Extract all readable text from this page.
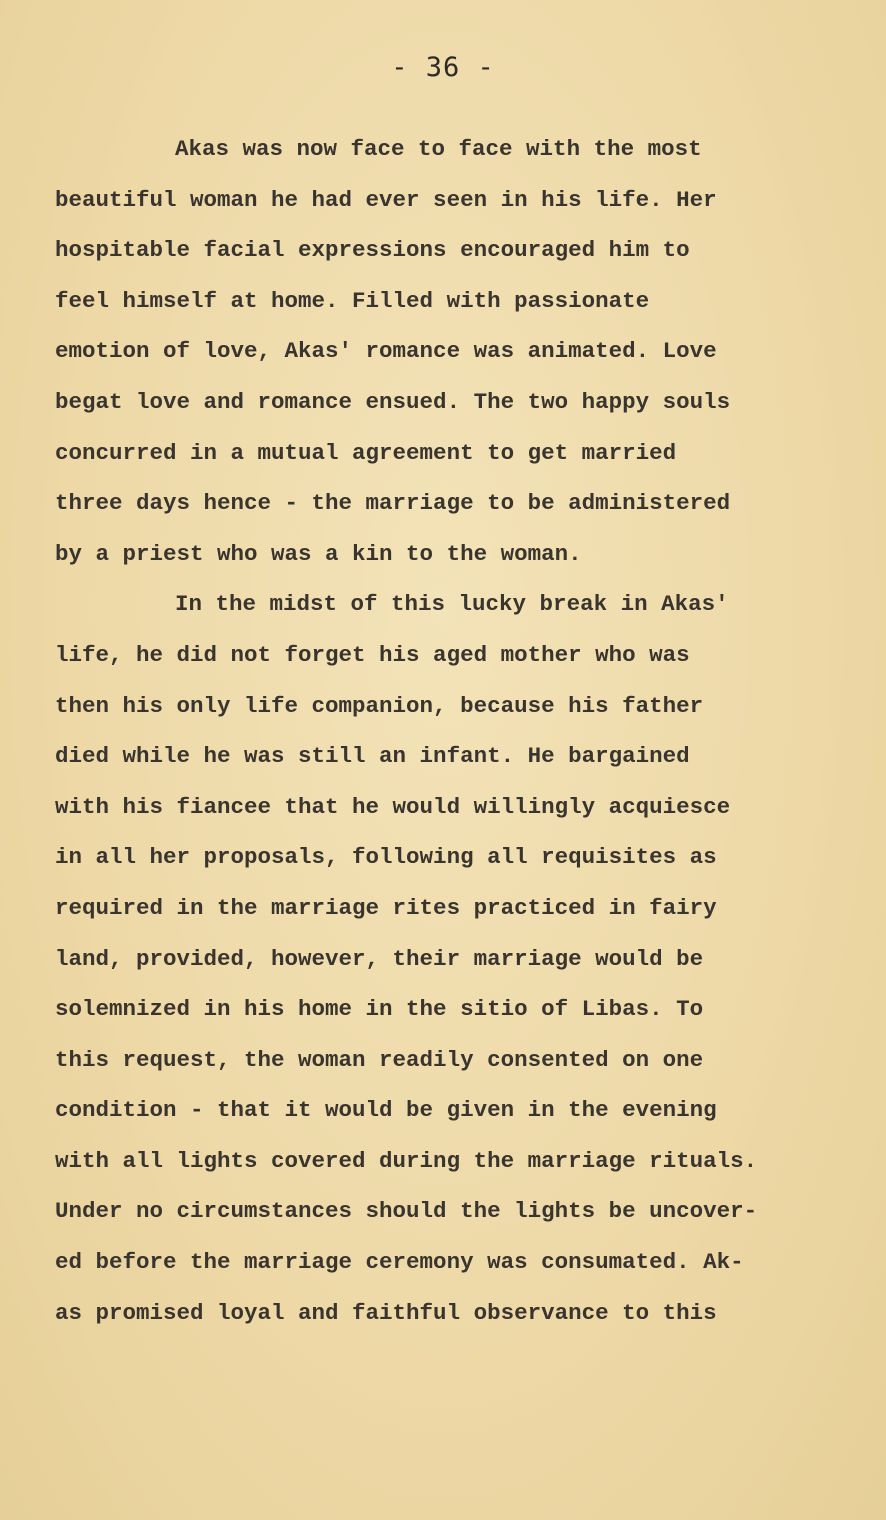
- 36 -
Akas was now face to face with the most
beautiful woman he had ever seen in his life. Her
hospitable facial expressions encouraged him to
feel himself at home. Filled with passionate
emotion of love, Akas' romance was animated. Love
begat love and romance ensued. The two happy souls
concurred in a mutual agreement to get married
three days hence - the marriage to be administered
by a priest who was a kin to the woman.
In the midst of this lucky break in Akas'
life, he did not forget his aged mother who was
then his only life companion, because his father
died while he was still an infant. He bargained
with his fiancee that he would willingly acquiesce
in all her proposals, following all requisites as
required in the marriage rites practiced in fairy
land, provided, however, their marriage would be
solemnized in his home in the sitio of Libas. To
this request, the woman readily consented on one
condition - that it would be given in the evening
with all lights covered during the marriage rituals.
Under no circumstances should the lights be uncover-
ed before the marriage ceremony was consumated. Ak-
as promised loyal and faithful observance to this
